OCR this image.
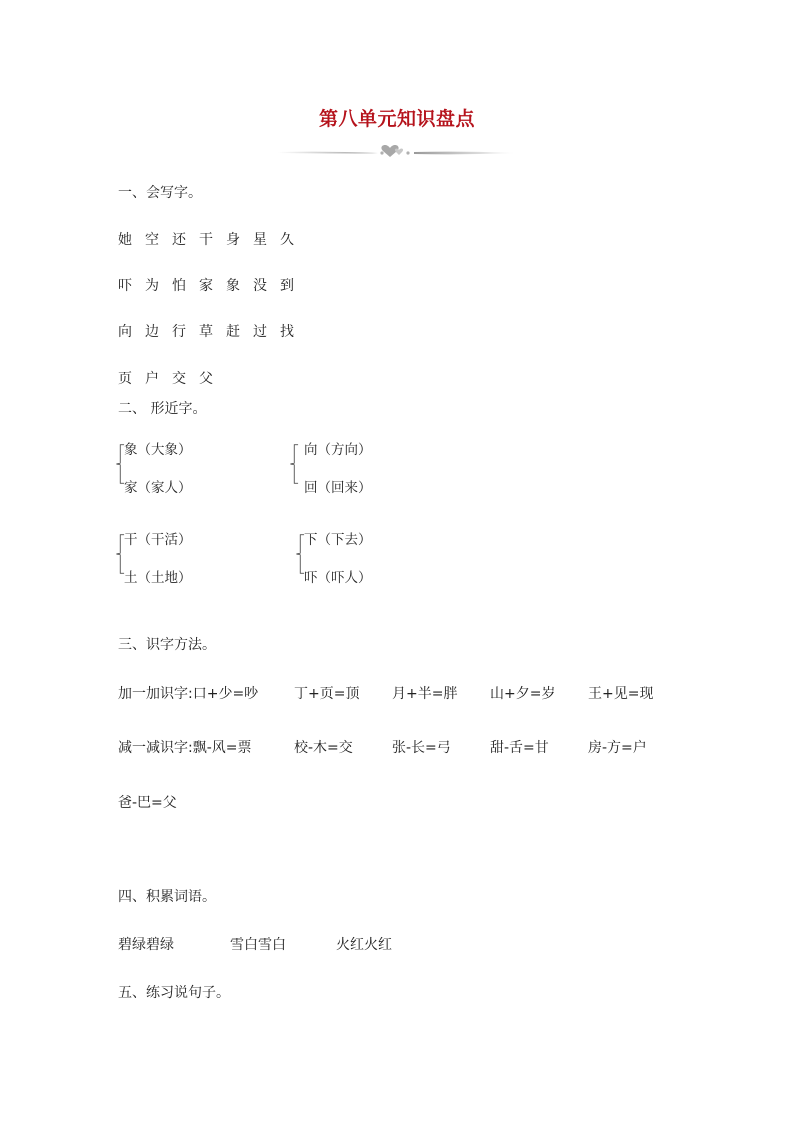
第八单元知识盘点
一、会写字。
她 空 还 干 身 星 久
吓 为 怕 家 象 没 到
向 边 行 草 赶 过 找
页 户 交 父
二、 形近字。
象（大象）
家（家人）
向（方向）
回（回来）
干（干活）
土（土地）
下（下去）
吓（吓人）
三、识字方法。
加一加识字:口+少=吵	丁+页=顶 月+半=胖 山+夕=岁 王+见=现
减一减识字:飘-风=票	校-木=交	张-长=弓	甜-舌=甘	房-方=户
爸-巴=父
四、积累词语。
碧绿碧绿	雪白雪白	火红火红
五、练习说句子。
